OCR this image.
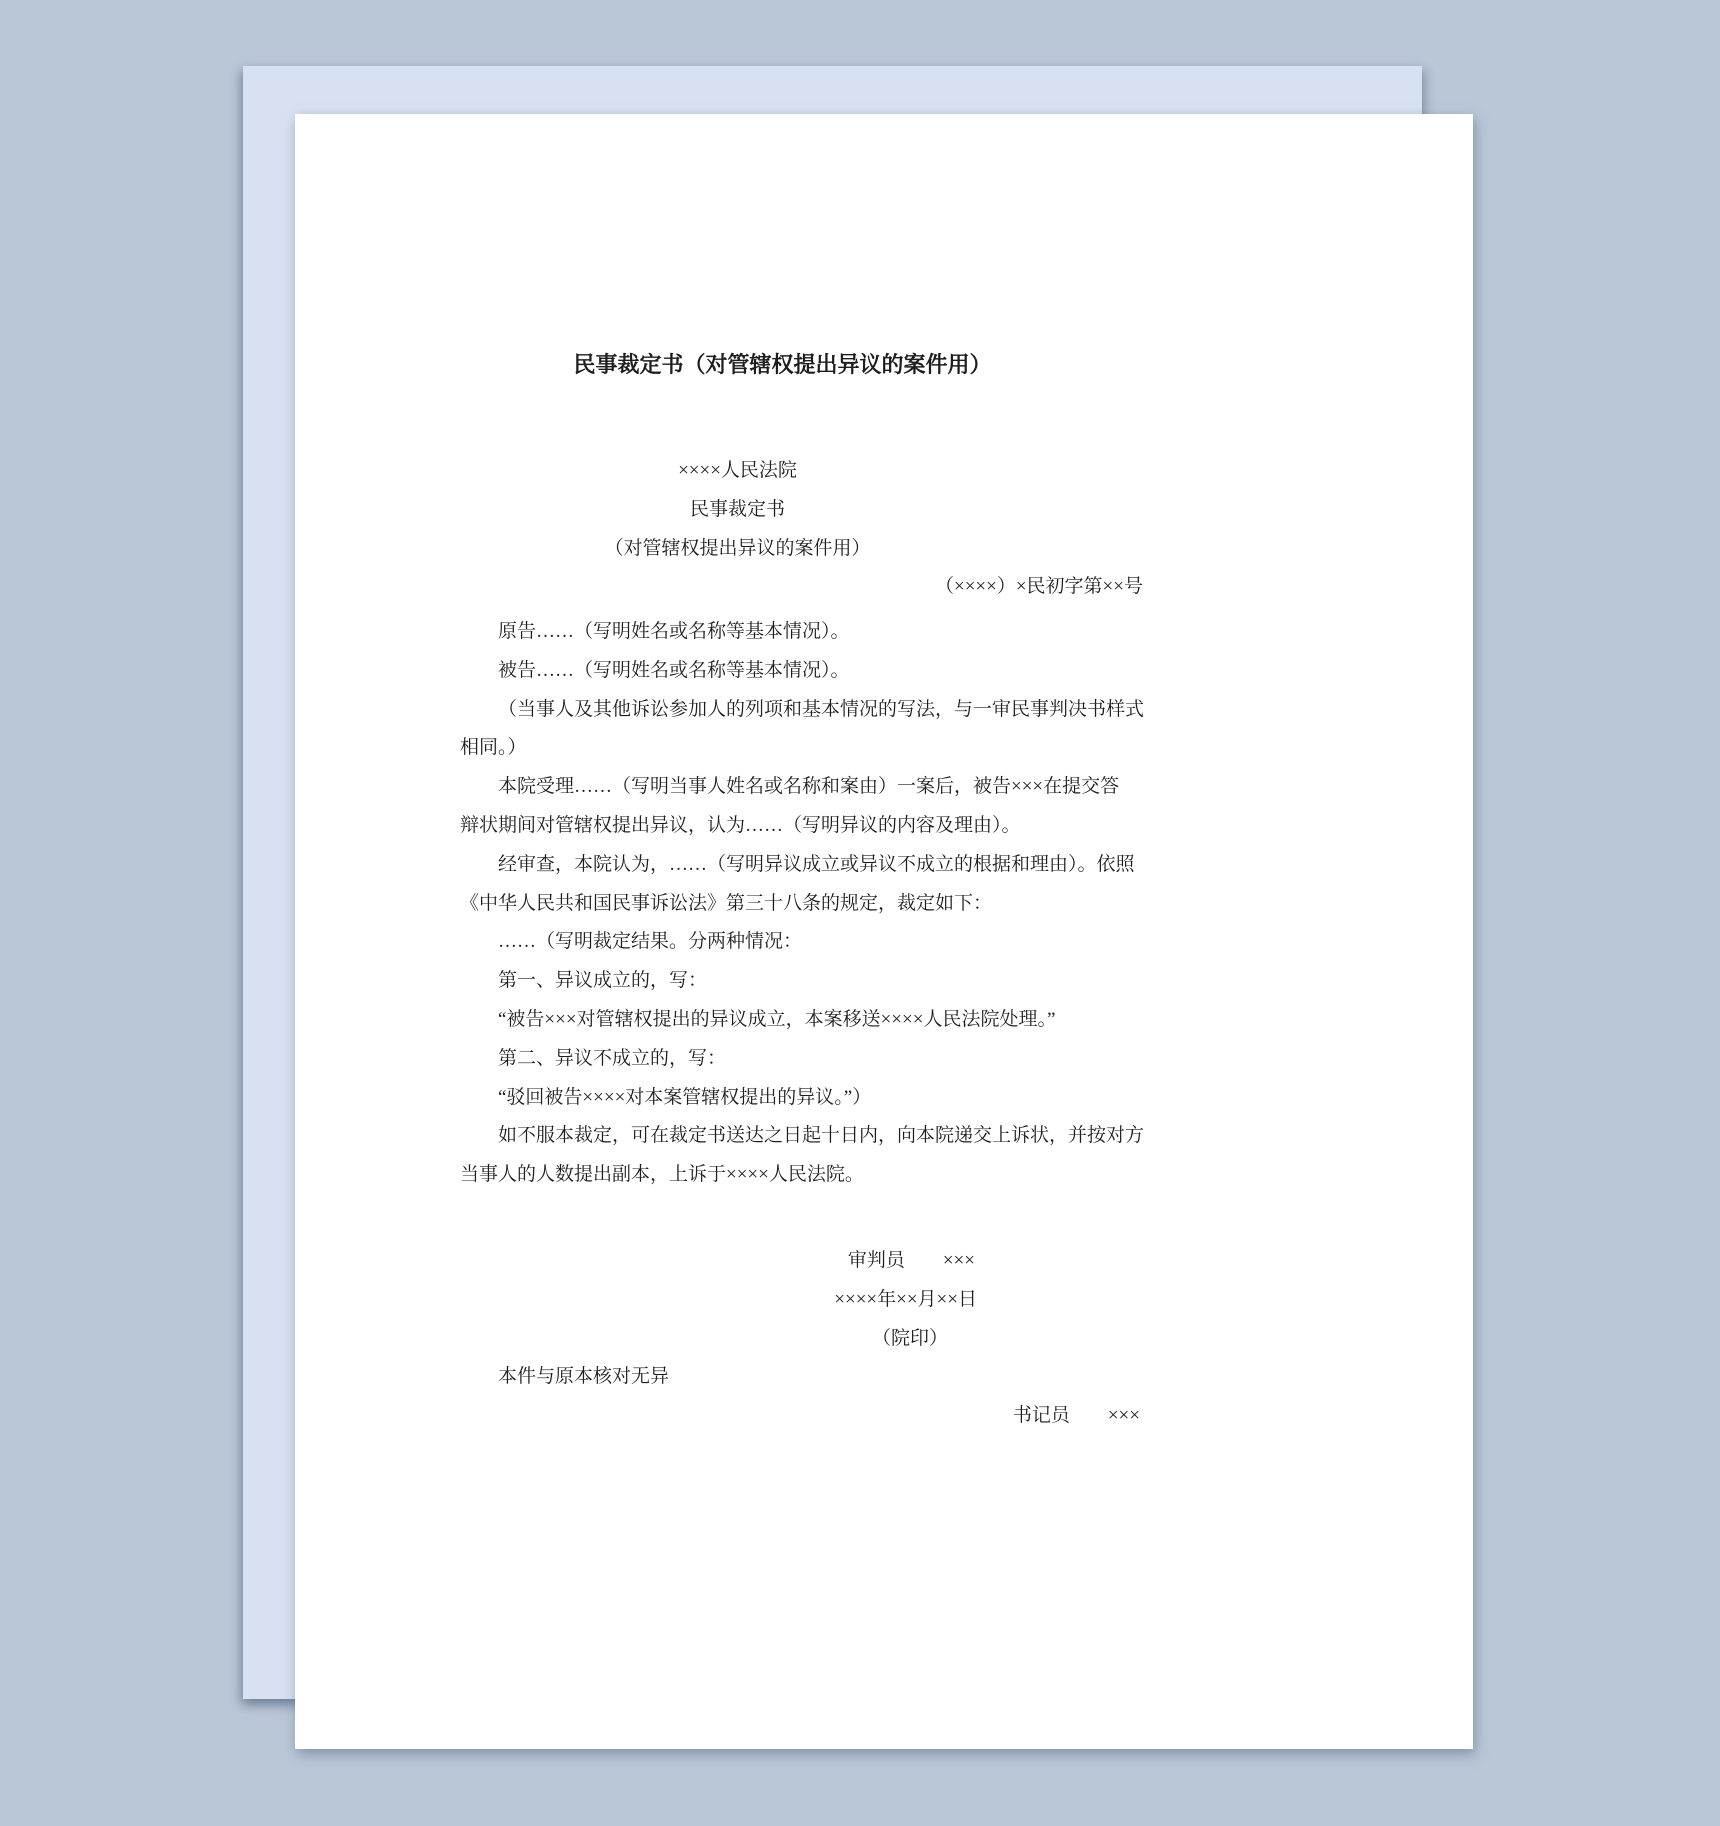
民事裁定书（对管辖权提出异议的案件用）
××××人民法院
民事裁定书
（对管辖权提出异议的案件用）
（××××）×民初字第××号
原告……（写明姓名或名称等基本情况）。
被告……（写明姓名或名称等基本情况）。
（当事人及其他诉讼参加人的列项和基本情况的写法，与一审民事判决书样式
相同。）
本院受理……（写明当事人姓名或名称和案由）一案后，被告×××在提交答
辩状期间对管辖权提出异议，认为……（写明异议的内容及理由）。
经审查，本院认为，……（写明异议成立或异议不成立的根据和理由）。依照
《中华人民共和国民事诉讼法》第三十八条的规定，裁定如下：
……（写明裁定结果。分两种情况：
第一、异议成立的，写：
“被告×××对管辖权提出的异议成立，本案移送××××人民法院处理。”
第二、异议不成立的，写：
“驳回被告××××对本案管辖权提出的异议。”）
如不服本裁定，可在裁定书送达之日起十日内，向本院递交上诉状，并按对方
当事人的人数提出副本，上诉于××××人民法院。
审判员　　×××
××××年××月××日
（院印）
本件与原本核对无异
书记员　　×××
